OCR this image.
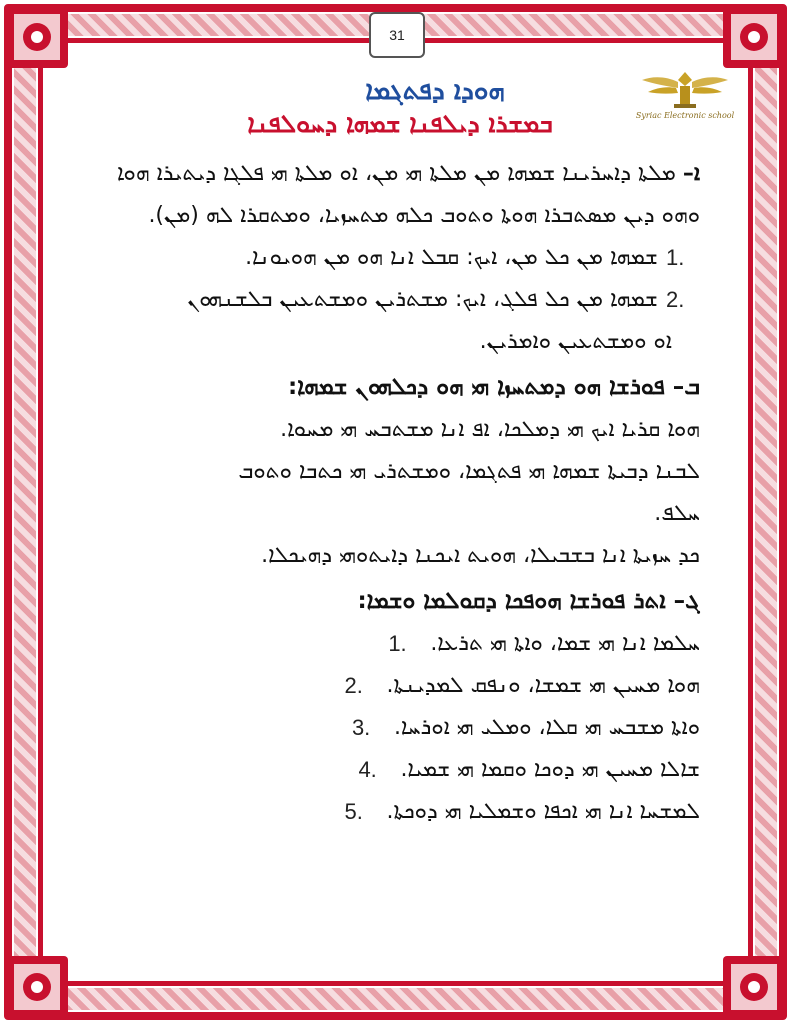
31
Syriac Electronic school
ܗܘܕܐ ܕܦܬܓܡܐ
ܒܡܫܪܐ ܕܝܠܦܢܐ ܫܡܗܐ ܕܚܘܠܦܢܐ

ܐ– ܡܠܬܐ ܕܐܚܪܝܢܐ ܫܡܗܐ ܡܢ ܡܠܬܐ ܗܝ ܡܢ، ܐܘ ܡܠܬܐ ܗܝ ܦܠܓܐ ܕܝܬܝܪܐ ܗܘܐ ܘܗܘ ܕܝܢ ܡܣܬܒܪܐ ܗܘܬܐ ܘܬܘܒ ܟܠܗ ܡܬܚܙܝܐ، ܘܡܬܩܪܐ ܠܗ (ܡܢ).

ܫܡܗܐ ܡܢ ܟܠ ܡܢ، ܐܝܟ: ܩܒܠ ܐܢܐ ܗܘ ܡܢ ܗܘܝܘܢܐ. 1.
ܫܡܗܐ ܡܢ ܟܠ ܦܠܓ، ܐܝܟ: ܡܫܬܪܝܢ ܘܡܫܬܥܝܢ ܒܠܫܢܗܘܢ 2.

ܐܘ ܘܡܫܬܥܝܢ ܘܐܡܪܝܢ.

ܒ– ܦܘܪܫܐ ܗܘ ܕܡܬܚܙܐ ܗܝ ܗܘ ܕܟܠܗܘܢ ܫܡܗܐ:

ܗܘܐ ܩܪܝܐ ܐܝܟ ܗܝ ܕܡܠܟܐ، ܐܦ ܐܢܐ ܡܫܬܒܚ ܗܝ ܡܚܘܐ.

ܠܒܢܐ ܕܒܝܬܐ ܫܡܗܐ ܗܝ ܦܬܓܡܐ، ܘܡܫܬܪܝ ܗܝ ܟܬܒܐ ܘܬܘܒ

ܚܠܦ.

ܟܕ ܚܙܝܬܐ ܐܢܐ ܒܫܒܝܠܐ، ܗܘܝܬ ܐܝܟܢܐ ܕܐܝܬܘܗܝ ܕܗܝܟܠܐ.

ܓ– ܐܬܪ ܦܘܪܫܐ ܗܘܦܟܐ ܕܩܘܠܡܐ ܘܫܡܐ:

ܚܠܡܐ ܐܢܐ ܗܝ ܫܡܐ، ܘܐܬܐ ܗܝ ܬܪܥܐ.
1.
ܗܘܐ ܡܚܝܢ ܗܝ ܫܡܫܐ، ܘܢܦܩ ܠܡܕܝܢܬܐ.
2.
ܘܐܬܐ ܡܫܒܚ ܗܝ ܩܠܐ، ܘܡܠܝ ܗܝ ܐܘܪܚܐ.
3.
ܫܐܠܐ ܡܚܝܢ ܗܝ ܕܘܟܐ ܘܩܡܐ ܗܝ ܫܡܝܐ.
4.
ܠܡܫܚܐ ܐܢܐ ܗܝ ܐܟܦܐ ܘܫܡܠܝܐ ܗܝ ܕܘܟܬܐ.
5.
